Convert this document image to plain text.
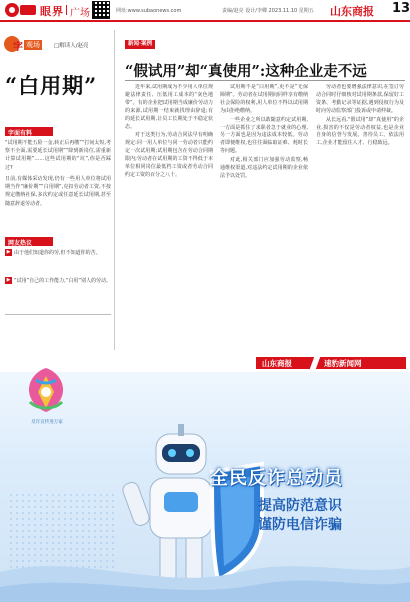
眼界 广场	网址:www.subaonews.com	责编/赵亮 设计/李卿 2023.11.10 星期五 山东商报 13
字 观场	□解读人/赵亮
“白用期”
字面有料
“试用期不能五险一金,转正后再缴”“打间太短,考察不全面,需要延长试用期”“降到新岗位,需重新计算试用期”……这些试用期的“坑”,你是否踩过?
日前,有媒体采访发现,仍有一些用人单位将试用期当作“廉价期”“白用期”,克扣劳动者工资,不按规定缴纳社保,多次约定或任意延长试用期,甚至随意辞退劳动者。
网友热议
▶ 由于他们知道你的劳,但不知道你的苦。
▶ “试用”自己的工作能力,“白用”别人的劳动。
新闻·案例
“假试用”却“真使用”:这种企业走不远

近年来,试用期成为不少用人单位规避法律责任、压低用工成本的“灰色地带”。有的企业把试用期当成廉价劳动力的来源,试用期一结束就找理由辞退;有的延长试用期,让员工长期处于不稳定状态。

对于这类行为,劳动合同法早有明确规定:同一用人单位与同一劳动者只能约定一次试用期;试用期包含在劳动合同期限内;劳动者在试用期的工资不得低于本单位相同岗位最低档工资或者劳动合同约定工资的百分之八十。

试用期不是“白用期”,更不是“无保障期”。劳动者在试用期间同样享有缴纳社会保险的权利,用人单位不得以试用期为由拒绝缴纳。

一些企业之所以敢随意约定试用期,一方面是抓住了求职者急于就业的心理,另一方面也是因为违法成本较低。劳动者即便维权,也往往面临取证难、耗时长等问题。

对此,相关部门应加强劳动监察,畅通维权渠道,对违法约定试用期的企业依法予以处罚。

劳动者也要增强法律意识,在签订劳动合同时仔细核对试用期条款,保留好工资条、考勤记录等证据,遇到侵权行为及时向劳动监察部门投诉或申请仲裁。

从长远看,“假试用”却“真使用”的企业,损害的不仅是劳动者权益,也是企业自身的信誉与发展。善待员工、依法用工,企业才能留住人才、行稳致远。

山东商报	速豹新闻网
反诈宣传进万家
全民反诈总动员
提高防范意识
谨防电信诈骗
